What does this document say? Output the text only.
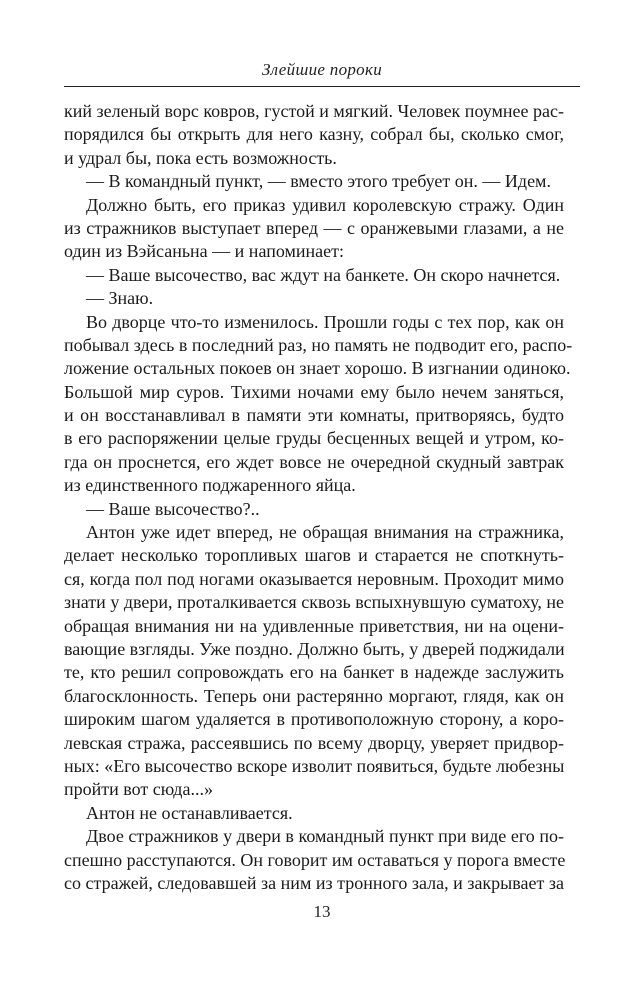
Злейшие пороки
кий зеленый ворс ковров, густой и мягкий. Человек поумнее рас-
порядился бы открыть для него казну, собрал бы, сколько смог,
и удрал бы, пока есть возможность.
— В командный пункт, — вместо этого требует он. — Идем.
Должно быть, его приказ удивил королевскую стражу. Один
из стражников выступает вперед — с оранжевыми глазами, а не
один из Вэйсаньна — и напоминает:
— Ваше высочество, вас ждут на банкете. Он скоро начнется.
— Знаю.
Во дворце что-то изменилось. Прошли годы с тех пор, как он
побывал здесь в последний раз, но память не подводит его, распо-
ложение остальных покоев он знает хорошо. В изгнании одиноко.
Большой мир суров. Тихими ночами ему было нечем заняться,
и он восстанавливал в памяти эти комнаты, притворяясь, будто
в его распоряжении целые груды бесценных вещей и утром, ко-
гда он проснется, его ждет вовсе не очередной скудный завтрак
из единственного поджаренного яйца.
— Ваше высочество?..
Антон уже идет вперед, не обращая внимания на стражника,
делает несколько торопливых шагов и старается не споткнуть-
ся, когда пол под ногами оказывается неровным. Проходит мимо
знати у двери, проталкивается сквозь вспыхнувшую суматоху, не
обращая внимания ни на удивленные приветствия, ни на оцени-
вающие взгляды. Уже поздно. Должно быть, у дверей поджидали
те, кто решил сопровождать его на банкет в надежде заслужить
благосклонность. Теперь они растерянно моргают, глядя, как он
широким шагом удаляется в противоположную сторону, а коро-
левская стража, рассеявшись по всему дворцу, уверяет придвор-
ных: «Его высочество вскоре изволит появиться, будьте любезны
пройти вот сюда...»
Антон не останавливается.
Двое стражников у двери в командный пункт при виде его по-
спешно расступаются. Он говорит им оставаться у порога вместе
со стражей, следовавшей за ним из тронного зала, и закрывает за
13
